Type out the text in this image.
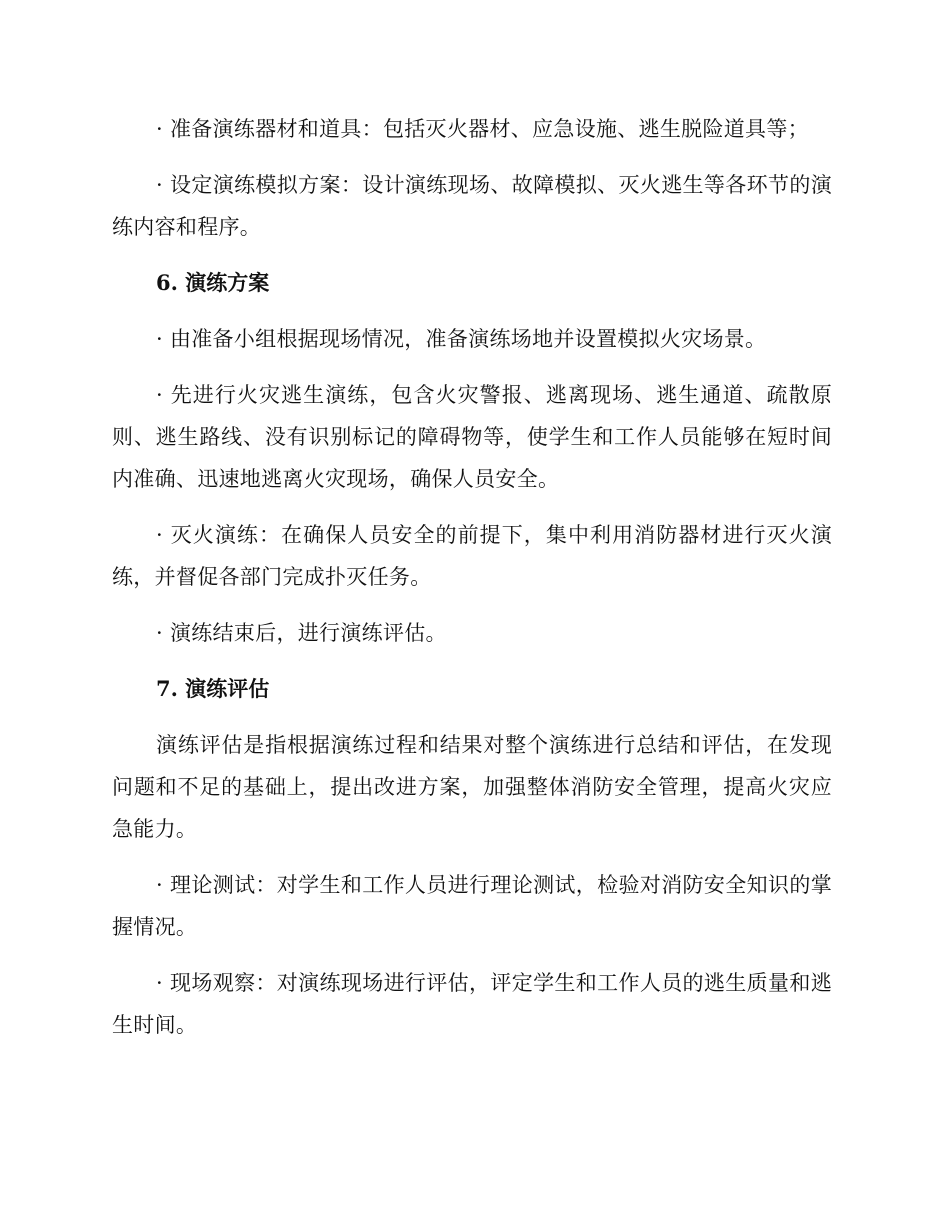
· 准备演练器材和道具：包括灭火器材、应急设施、逃生脱险道具等；

· 设定演练模拟方案：设计演练现场、故障模拟、灭火逃生等各环节的演练内容和程序。

6. 演练方案

· 由准备小组根据现场情况，准备演练场地并设置模拟火灾场景。

· 先进行火灾逃生演练，包含火灾警报、逃离现场、逃生通道、疏散原则、逃生路线、没有识别标记的障碍物等，使学生和工作人员能够在短时间内准确、迅速地逃离火灾现场，确保人员安全。

· 灭火演练：在确保人员安全的前提下，集中利用消防器材进行灭火演练，并督促各部门完成扑灭任务。

· 演练结束后，进行演练评估。

7. 演练评估

演练评估是指根据演练过程和结果对整个演练进行总结和评估，在发现问题和不足的基础上，提出改进方案，加强整体消防安全管理，提高火灾应急能力。

· 理论测试：对学生和工作人员进行理论测试，检验对消防安全知识的掌握情况。

· 现场观察：对演练现场进行评估，评定学生和工作人员的逃生质量和逃生时间。
